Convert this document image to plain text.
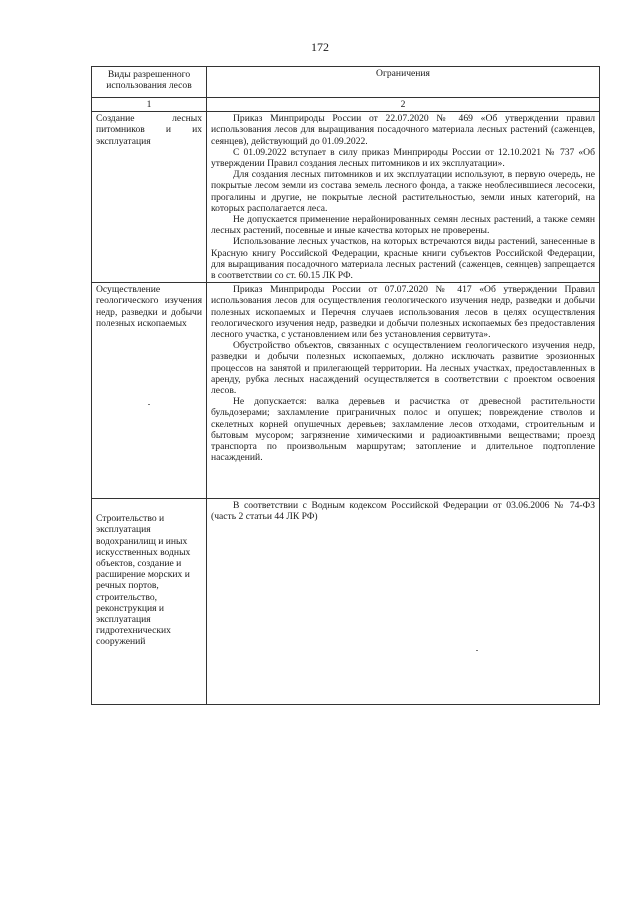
172
Виды разрешенного использования лесов	Ограничения
1	2
Создание лесных питомников и их эксплуатация	Приказ Минприроды России от 22.07.2020 № 469 «Об утверждении правил использования лесов для выращивания посадочного материала лесных растений (саженцев, сеянцев), действующий до 01.09.2022.

С 01.09.2022 вступает в силу приказ Минприроды России от 12.10.2021 № 737 «Об утверждении Правил создания лесных питомников и их эксплуатации».

Для создания лесных питомников и их эксплуатации используют, в первую очередь, не покрытые лесом земли из состава земель лесного фонда, а также необлесившиеся лесосеки, прогалины и другие, не покрытые лесной растительностью, земли иных категорий, на которых располагается леса.

Не допускается применение нерайонированных семян лесных растений, а также семян лесных растений, посевные и иные качества которых не проверены.

Использование лесных участков, на которых встречаются виды растений, занесенные в Красную книгу Российской Федерации, красные книги субъектов Российской Федерации, для выращивания посадочного материала лесных растений (саженцев, сеянцев) запрещается в соответствии со ст. 60.15 ЛК РФ.

Осуществление геологического изучения недр, разведки и добычи полезных ископаемых	Приказ Минприроды России от 07.07.2020 № 417 «Об утверждении Правил использования лесов для осуществления геологического изучения недр, разведки и добычи полезных ископаемых и Перечня случаев использования лесов в целях осуществления геологического изучения недр, разведки и добычи полезных ископаемых без предоставления лесного участка, с установлением или без установления сервитута».

Обустройство объектов, связанных с осуществлением геологического изучения недр, разведки и добычи полезных ископаемых, должно исключать развитие эрозионных процессов на занятой и прилегающей территории. На лесных участках, предоставленных в аренду, рубка лесных насаждений осуществляется в соответствии с проектом освоения лесов.

Не допускается: валка деревьев и расчистка от древесной растительности бульдозерами; захламление приграничных полос и опушек; повреждение стволов и скелетных корней опушечных деревьев; захламление лесов отходами, строительным и бытовым мусором; загрязнение химическими и радиоактивными веществами; проезд транспорта по произвольным маршрутам; затопление и длительное подтопление насаждений.

Строительство и эксплуатация водохранилищ и иных искусственных водных объектов, создание и расширение морских и речных портов, строительство, реконструкция и эксплуатация гидротехнических сооружений	В соответствии с Водным кодексом Российской Федерации от 03.06.2006 № 74-ФЗ (часть 2 статьи 44 ЛК РФ)
